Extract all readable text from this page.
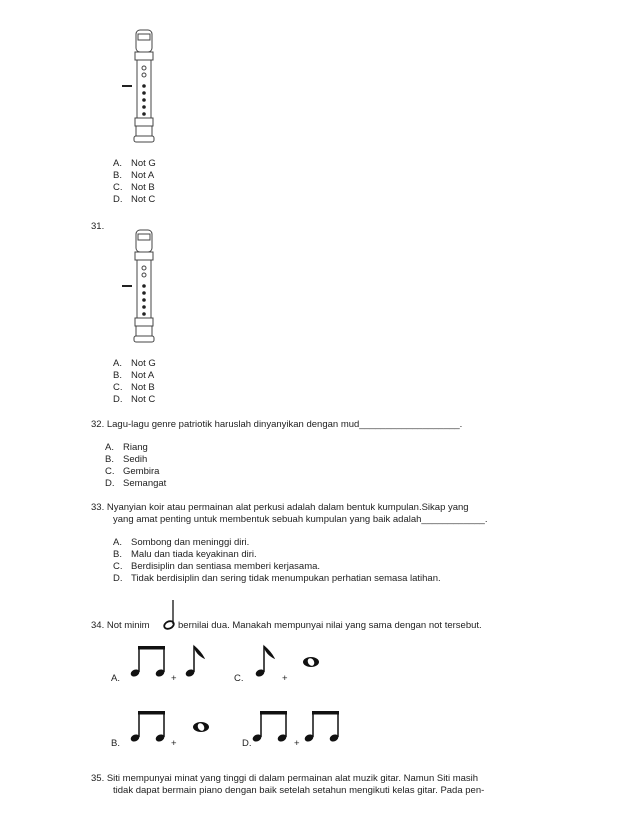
A. Not G
B. Not A
C. Not B
D. Not C
31.
A. Not G
B. Not A
C. Not B
D. Not C
32. Lagu-lagu genre patriotik haruslah dinyanyikan dengan mud___________________.
A. Riang
B. Sedih
C. Gembira
D. Semangat
33. Nyanyian koir atau permainan alat perkusi adalah dalam bentuk kumpulan.Sikap yang
yang amat penting untuk membentuk sebuah kumpulan yang baik adalah____________.
A. Sombong dan meninggi diri.
B. Malu dan tiada keyakinan diri.
C. Berdisiplin dan sentiasa memberi kerjasama.
D. Tidak berdisiplin dan sering tidak menumpukan perhatian semasa latihan.
34. Not minim	bernilai dua. Manakah mempunyai nilai yang sama dengan not tersebut.
A.	+	C.	+
B.	+	D.	+
35. Siti mempunyai minat yang tinggi di dalam permainan alat muzik gitar. Namun Siti masih
tidak dapat bermain piano dengan baik setelah setahun mengikuti kelas gitar. Pada pen-
